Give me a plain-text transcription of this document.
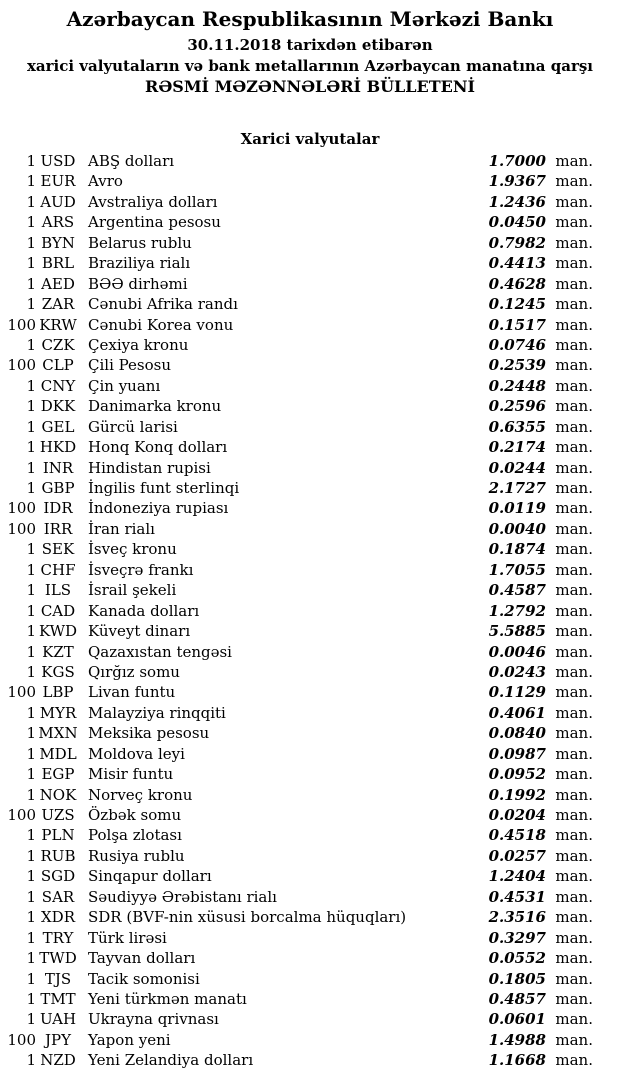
Azərbaycan Respublikasının Mərkəzi Bankı
30.11.2018 tarixdən etibarən
xarici valyutaların və bank metallarının Azərbaycan manatına qarşı
RƏSMİ MƏZƏNNƏLƏRİ BÜLLETENİ
Xarici valyutalar
1 USD ABŞ dolları	1.7000 man.
1 EUR Avro	1.9367 man.
1 AUD Avstraliya dolları	1.2436 man.
1 ARS Argentina pesosu	0.0450 man.
1 BYN Belarus rublu	0.7982 man.
1 BRL Braziliya rialı	0.4413 man.
1 AED BƏƏ dirhəmi	0.4628 man.
1 ZAR Cənubi Afrika randı	0.1245 man.
100 KRW Cənubi Korea vonu	0.1517 man.
1 CZK Çexiya kronu	0.0746 man.
100 CLP Çili Pesosu	0.2539 man.
1 CNY Çin yuanı	0.2448 man.
1 DKK Danimarka kronu	0.2596 man.
1 GEL Gürcü larisi	0.6355 man.
1 HKD Honq Konq dolları	0.2174 man.
1 INR Hindistan rupisi	0.0244 man.
1 GBP İngilis funt sterlinqi	2.1727 man.
100 IDR	İndoneziya rupiası	0.0119 man.
100 IRR	İran rialı	0.0040 man.
1 SEK İsveç kronu	0.1874 man.
1 CHF İsveçrə frankı	1.7055 man.
1 ILS	İsrail şekeli	0.4587 man.
1 CAD Kanada dolları	1.2792 man.
1 KWD Küveyt dinarı	5.5885 man.
1 KZT Qazaxıstan tengəsi	0.0046 man.
1 KGS Qırğız somu	0.0243 man.
100 LBP Livan funtu	0.1129 man.
1 MYR Malayziya rinqqiti	0.4061 man.
1 MXN Meksika pesosu	0.0840 man.
1 MDL Moldova leyi	0.0987 man.
1 EGP Misir funtu	0.0952 man.
1 NOK Norveç kronu	0.1992 man.
100 UZS Özbək somu	0.0204 man.
1 PLN Polşa zlotası	0.4518 man.
1 RUB Rusiya rublu	0.0257 man.
1 SGD Sinqapur dolları	1.2404 man.
1 SAR Səudiyyə Ərəbistanı rialı	0.4531 man.
1 XDR SDR (BVF-nin xüsusi borcalma hüquqları)	2.3516 man.
1 TRY Türk lirəsi	0.3297 man.
1 TWD Tayvan dolları	0.0552 man.
1 TJS	Tacik somonisi	0.1805 man.
1 TMT Yeni türkmən manatı	0.4857 man.
1 UAH Ukrayna qrivnası	0.0601 man.
100 JPY	Yapon yeni	1.4988 man.
1 NZD Yeni Zelandiya dolları	1.1668 man.
